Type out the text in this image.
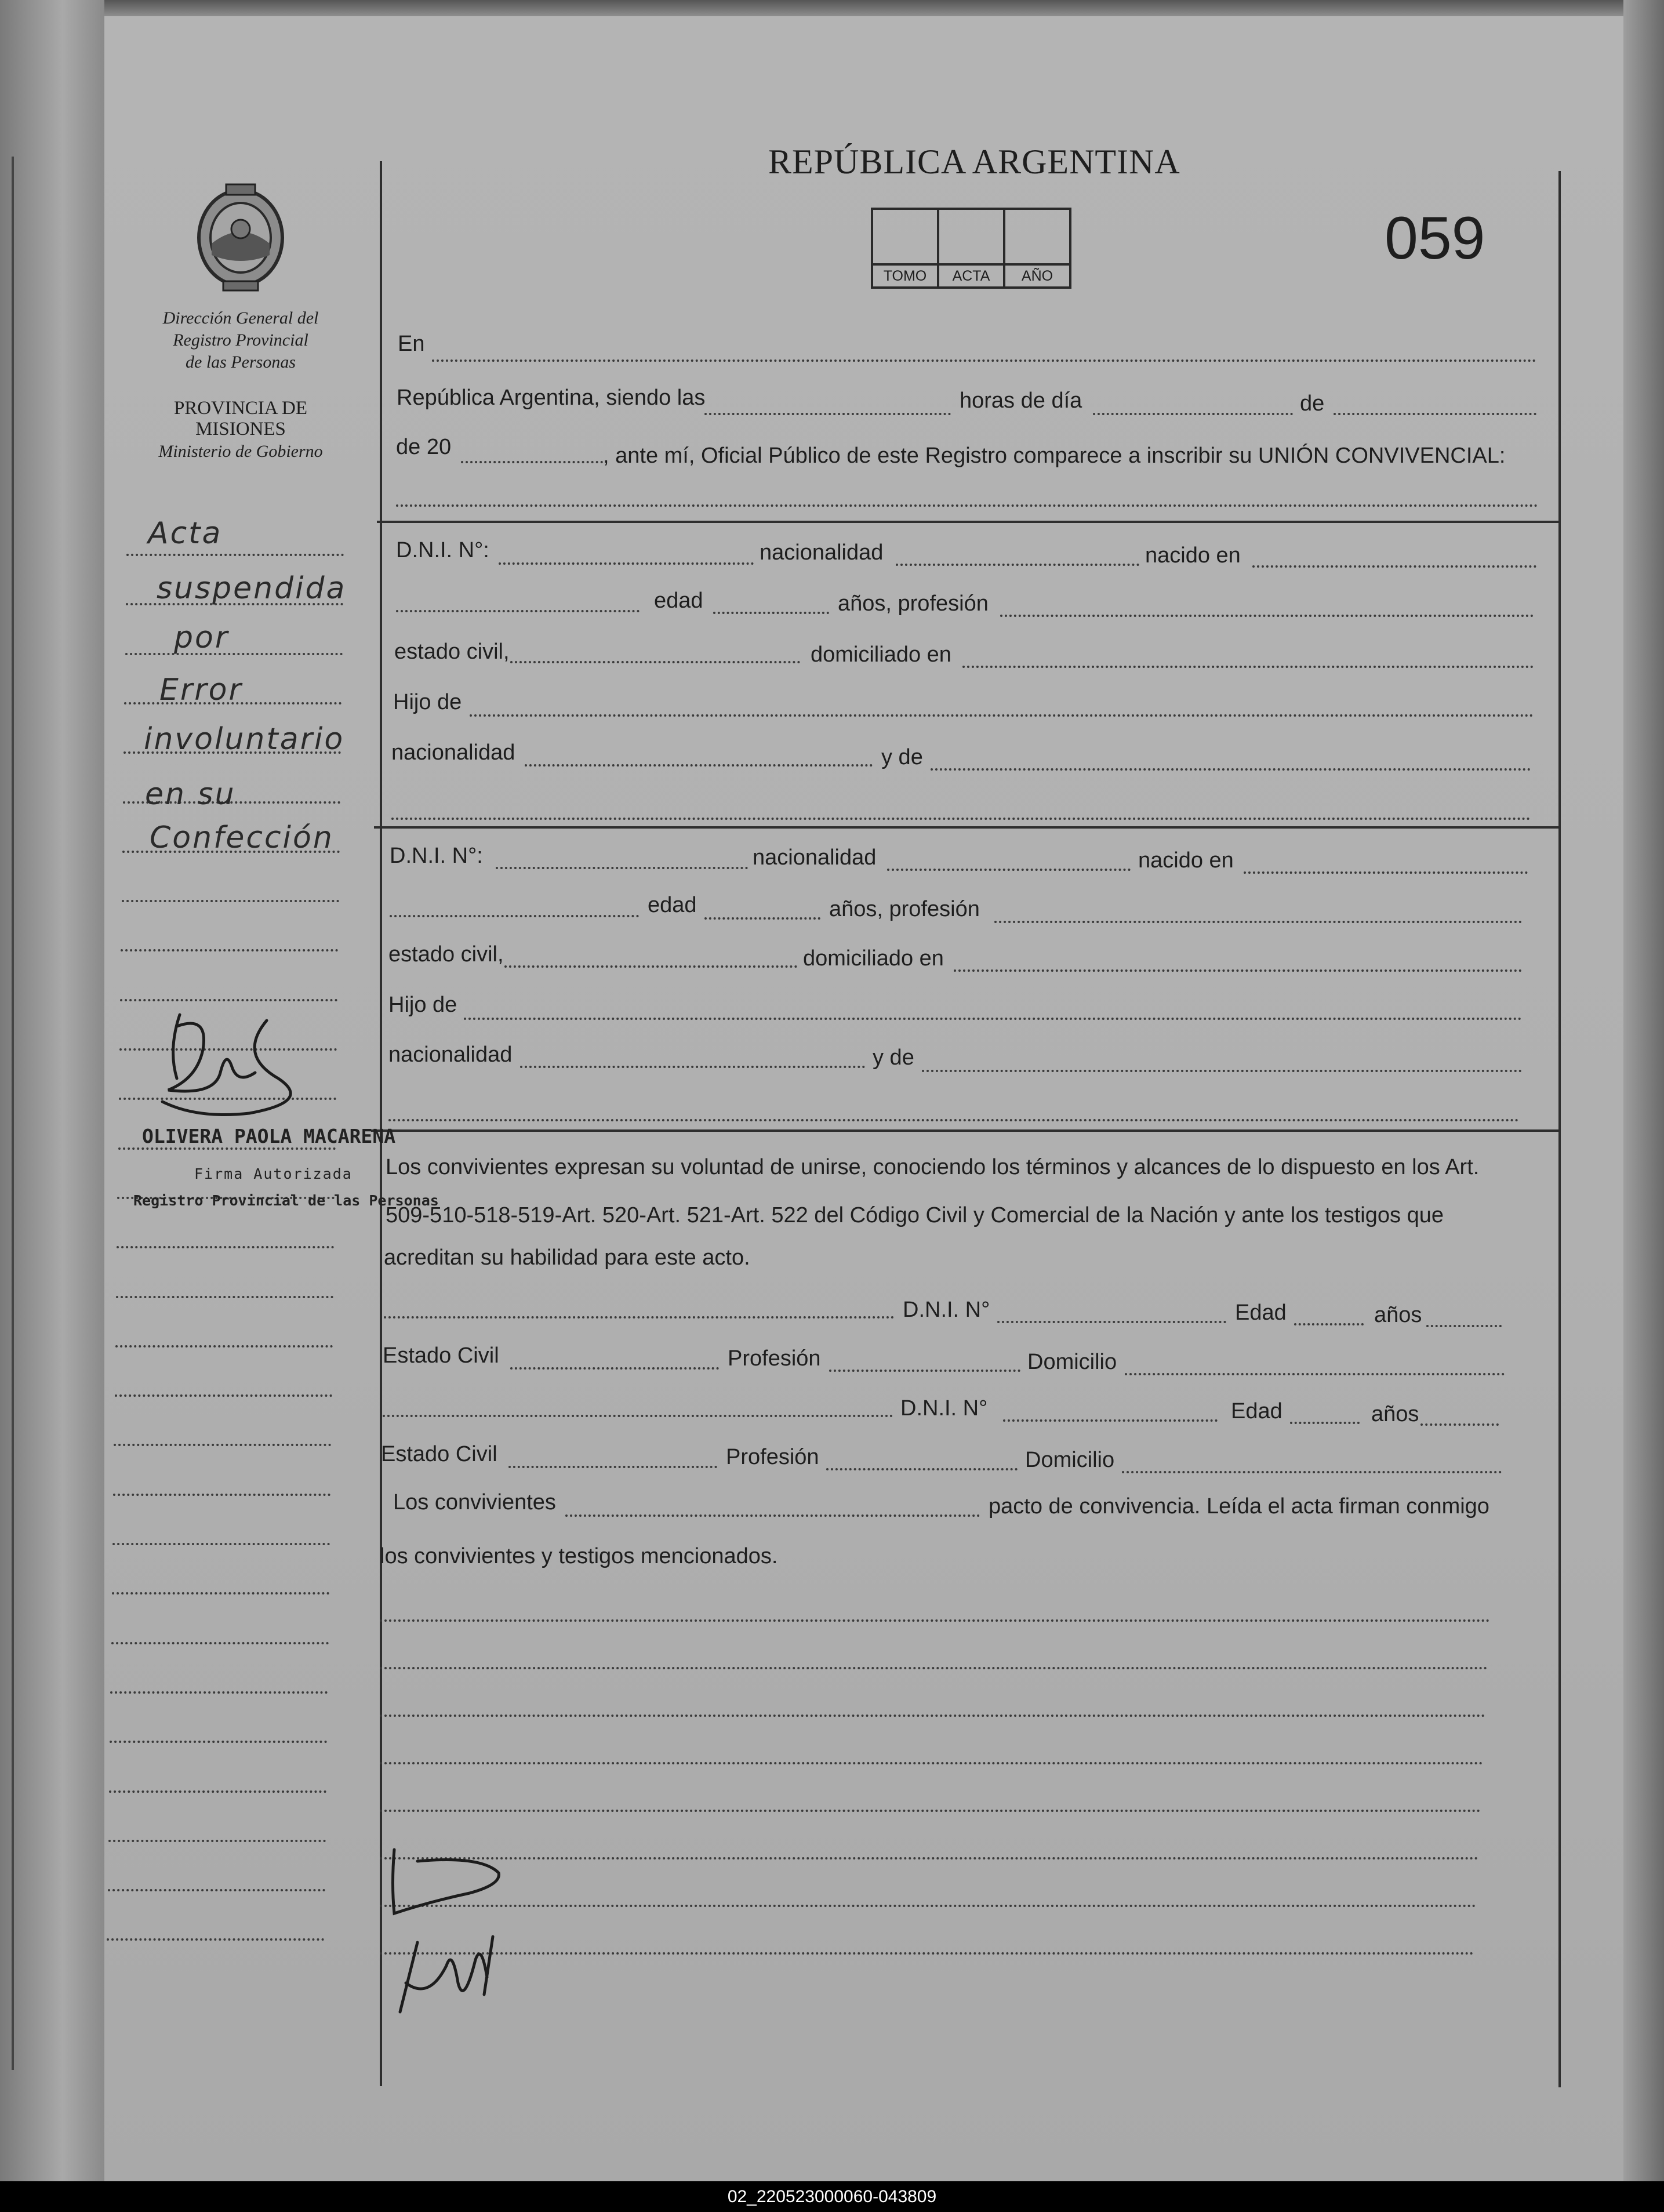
REPÚBLICA ARGENTINA
059
TOMO	ACTA	AÑO
Dirección General del
Registro Provincial
de las Personas
PROVINCIA DE
MISIONES
Ministerio de Gobierno
Acta
suspendida
por
Error
involuntario
en su
Confección
OLIVERA PAOLA MACARENA
Firma Autorizada
Registro Provincial de las Personas
En
República Argentina, siendo las	horas de día	de
de 20	, ante mí, Oficial Público de este Registro comparece a inscribir su UNIÓN CONVIVENCIAL:
D.N.I. N°:	nacionalidad	nacido en
edad	años, profesión
estado civil,	domiciliado en
Hijo de
nacionalidad	y de
D.N.I. N°:	nacionalidad	nacido en
edad	años, profesión
estado civil,	domiciliado en
Hijo de
nacionalidad	y de
Los convivientes expresan su voluntad de unirse, conociendo los términos y alcances de lo dispuesto en los Art.
509-510-518-519-Art. 520-Art. 521-Art. 522 del Código Civil y Comercial de la Nación y ante los testigos que
acreditan su habilidad para este acto.
D.N.I. N°	Edad	años
Estado Civil	Profesión	Domicilio
D.N.I. N°	Edad	años
Estado Civil	Profesión	Domicilio
Los convivientes	pacto de convivencia. Leída el acta firman conmigo
los convivientes y testigos mencionados.
02_220523000060-043809
